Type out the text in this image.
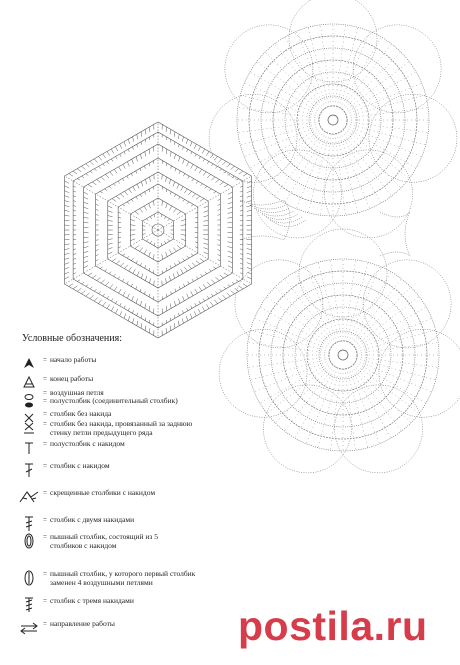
Условные обозначения:
= начало работы
= конец работы
= воздушная петля
= полустолбик (соединительный столбик)
= столбик без накида
= столбик без накида, провязанный за заднюю
стенку петли предыдущего ряда
= полустолбик с накидом
= столбик с накидом
= скрещенные столбики с накидом
= столбик с двумя накидами
= пышный столбик, состоящий из 5
столбиков с накидом
= пышный столбик, у которого первый столбик
заменен 4 воздушными петлями
= столбик с тремя накидами
= направление работы	postila.ru
